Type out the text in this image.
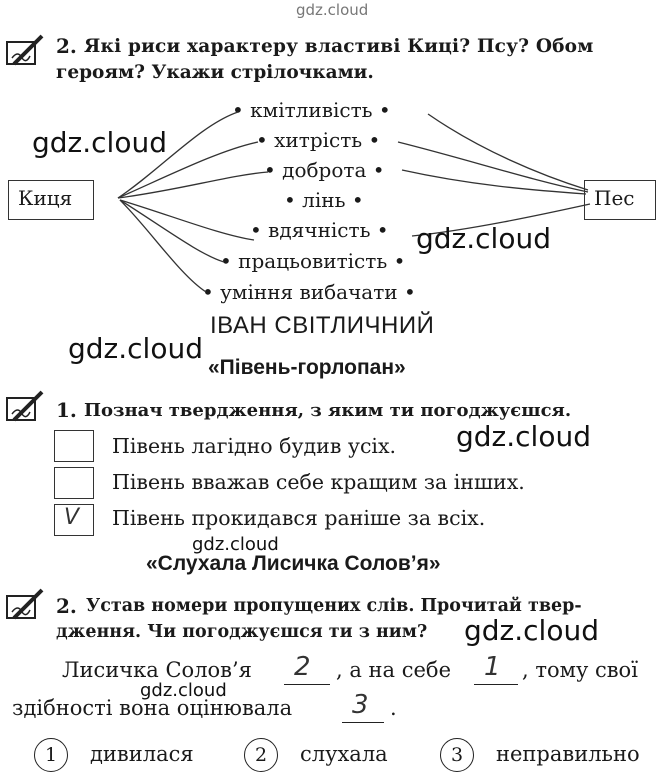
gdz.cloud
2. Які риси характеру властиві Киці? Псу? Обом
героям? Укажи стрілочками.
Киця	Пес
• кмітливість •
• хитрість •
• доброта •
• лінь •
• вдячність •
• працьовитість •
• уміння вибачати •
gdz.cloud
gdz.cloud
gdz.cloud
ІВАН СВІТЛИЧНИЙ
«Півень-горлопан»
1. Познач твердження, з яким ти погоджуєшся.
Півень лагідно будив усіх.
Півень вважав себе кращим за інших.
V Півень прокидався раніше за всіх.
gdz.cloud
gdz.cloud
«Слухала Лисичка Солов’я»
2. Устав номери пропущених слів. Прочитай твер-
дження. Чи погоджуєшся ти з ним? gdz.cloud
Лисичка Солов’я 2 , а на себе 1 , тому свої
gdz.cloud
здібності вона оцінювала 3 .
1	дивилася	2	слухала	3	неправильно
